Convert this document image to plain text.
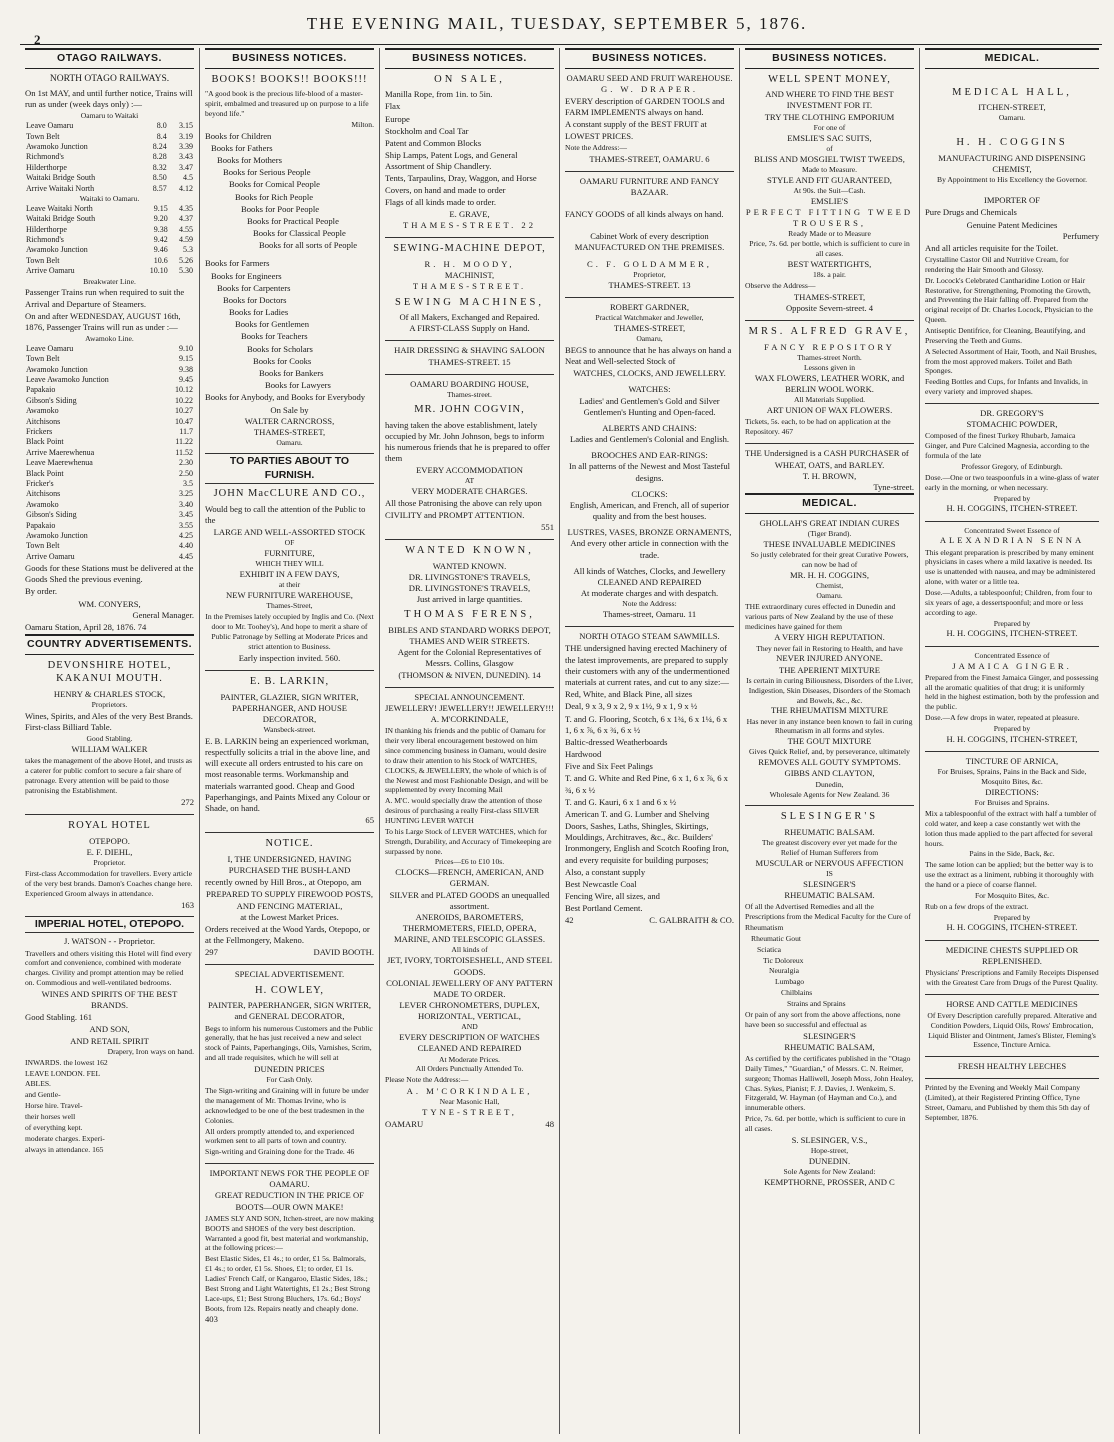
2
THE EVENING MAIL, TUESDAY, SEPTEMBER 5, 1876.
OTAGO RAILWAYS.
NORTH OTAGO RAILWAYS.
On 1st MAY, and until further notice, Trains will run as under (week days only) :—
Oamaru to Waitaki
Leave Oamaru	8.0	3.15
Town Belt	8.4	3.19
Awamoko Junction	8.24	3.39
Richmond's	8.28	3.43
Hilderthorpe	8.32	3.47
Waitaki Bridge South	8.50	4.5
Arrive Waitaki North	8.57	4.12
Waitaki to Oamaru.
Leave Waitaki North	9.15	4.35
Waitaki Bridge South	9.20	4.37
Hilderthorpe	9.38	4.55
Richmond's	9.42	4.59
Awamoko Junction	9.46	5.3
Town Belt	10.6	5.26
Arrive Oamaru	10.10	5.30
Breakwater Line.
Passenger Trains run when required to suit the Arrival and Departure of Steamers.
On and after WEDNESDAY, AUGUST 16th, 1876, Passenger Trains will run as under :—
Awamoko Line.
Leave Oamaru	9.10
Town Belt	9.15
Awamoko Junction	9.38
Leave Awamoko Junction	9.45
Papakaio	10.12
Gibson's Siding	10.22
Awamoko	10.27
Aitchisons	10.47
Frickers	11.7
Black Point	11.22
Arrive Maerewhenua	11.52
Leave Maerewhenua	2.30
Black Point	2.50
Fricker's	3.5
Aitchisons	3.25
Awamoko	3.40
Gibson's Siding	3.45
Papakaio	3.55
Awamoko Junction	4.25
Town Belt	4.40
Arrive Oamaru	4.45
Goods for these Stations must be delivered at the Goods Shed the previous evening.
By order.
WM. CONYERS,
General Manager.
Oamaru Station, April 28, 1876. 74
COUNTRY ADVERTISEMENTS.
DEVONSHIRE HOTEL, KAKANUI MOUTH.
HENRY & CHARLES STOCK,
Proprietors.
Wines, Spirits, and Ales of the very Best Brands. First-class Billiard Table.
Good Stabling.
WILLIAM WALKER
takes the management of the above Hotel, and trusts as a caterer for public comfort to secure a fair share of patronage. Every attention will be paid to those patronising the Establishment.
272
ROYAL HOTEL
OTEPOPO.
E. F. DIEHL,
Proprietor.
First-class Accommodation for travellers. Every article of the very best brands. Damon's Coaches change here. Experienced Groom always in attendance.
163
IMPERIAL HOTEL, OTEPOPO.
J. WATSON - - Proprietor.
Travellers and others visiting this Hotel will find every comfort and convenience, combined with moderate charges. Civility and prompt attention may be relied on. Commodious and well-ventilated bedrooms.
WINES AND SPIRITS OF THE BEST BRANDS.
Good Stabling. 161
AND SON,
AND RETAIL SPIRIT
Drapery, Iron ways on hand.
INWARDS. the lowest 162
LEAVE LONDON. FEL
ABLES.
and Gentle-
Horse hire. Travel-
their horses well
of everything kept.
moderate charges. Experi-
always in attendance. 165
BUSINESS NOTICES.
BOOKS! BOOKS!! BOOKS!!!
"A good book is the precious life-blood of a master-spirit, embalmed and treasured up on purpose to a life beyond life."
Milton.
Books for Children
Books for Fathers
Books for Mothers
Books for Serious People
Books for Comical People
Books for Rich People
Books for Poor People
Books for Practical People
Books for Classical People
Books for all sorts of People
Books for Farmers
Books for Engineers
Books for Carpenters
Books for Doctors
Books for Ladies
Books for Gentlemen
Books for Teachers
Books for Scholars
Books for Cooks
Books for Bankers
Books for Lawyers
Books for Anybody, and Books for Everybody
On Sale by
WALTER CARNCROSS,
THAMES-STREET,
Oamaru.
TO PARTIES ABOUT TO FURNISH.
JOHN MacCLURE AND CO.,
Would beg to call the attention of the Public to the
LARGE AND WELL-ASSORTED STOCK
OF
FURNITURE,
WHICH THEY WILL
EXHIBIT IN A FEW DAYS,
at their
NEW FURNITURE WAREHOUSE,
Thames-Street,
In the Premises lately occupied by Inglis and Co. (Next door to Mr. Toohey's), And hope to merit a share of Public Patronage by Selling at Moderate Prices and strict attention to Business.
Early inspection invited. 560.
E. B. LARKIN,
PAINTER, GLAZIER, SIGN WRITER, PAPERHANGER, AND HOUSE DECORATOR,
Wansbeck-street.
E. B. LARKIN being an experienced workman, respectfully solicits a trial in the above line, and will execute all orders entrusted to his care on most reasonable terms. Workmanship and materials warranted good. Cheap and Good Paperhangings, and Paints Mixed any Colour or Shade, on hand.
65
NOTICE.
I, THE UNDERSIGNED, HAVING PURCHASED THE BUSH-LAND
recently owned by Hill Bros., at Otepopo, am
PREPARED TO SUPPLY FIREWOOD POSTS, AND FENCING MATERIAL,
at the Lowest Market Prices.
Orders received at the Wood Yards, Otepopo, or at the Fellmongery, Makeno.
297	DAVID BOOTH.
SPECIAL ADVERTISEMENT.
H. COWLEY,
PAINTER, PAPERHANGER, SIGN WRITER, and GENERAL DECORATOR,
Begs to inform his numerous Customers and the Public generally, that he has just received a new and select stock of Paints, Paperhangings, Oils, Varnishes, Scrim, and all trade requisites, which he will sell at
DUNEDIN PRICES
For Cash Only.
The Sign-writing and Graining will in future be under the management of Mr. Thomas Irvine, who is acknowledged to be one of the best tradesmen in the Colonies.
All orders promptly attended to, and experienced workmen sent to all parts of town and country.
Sign-writing and Graining done for the Trade. 46
IMPORTANT NEWS FOR THE PEOPLE OF OAMARU.
GREAT REDUCTION IN THE PRICE OF BOOTS—OUR OWN MAKE!
JAMES SLY AND SON, Itchen-street, are now making BOOTS and SHOES of the very best description. Warranted a good fit, best material and workmanship, at the following prices:—
Best Elastic Sides, £1 4s.; to order, £1 5s. Balmorals, £1 4s.; to order, £1 5s. Shoes, £1; to order, £1 1s. Ladies' French Calf, or Kangaroo, Elastic Sides, 18s.; Best Strong and Light Watertights, £1 2s.; Best Strong Lace-ups, £1; Best Strong Bluchers, 17s. 6d.; Boys' Boots, from 12s. Repairs neatly and cheaply done.
403
BUSINESS NOTICES.
ON SALE,
Manilla Rope, from 1in. to 5in.
Flax
Europe
Stockholm and Coal Tar
Patent and Common Blocks
Ship Lamps, Patent Logs, and General Assortment of Ship Chandlery.
Tents, Tarpaulins, Dray, Waggon, and Horse Covers, on hand and made to order
Flags of all kinds made to order.
E. GRAVE,
THAMES-STREET. 22
SEWING-MACHINE DEPOT,
R. H. MOODY,
MACHINIST,
THAMES-STREET.
SEWING MACHINES,
Of all Makers, Exchanged and Repaired.
A FIRST-CLASS Supply on Hand.
HAIR DRESSING & SHAVING SALOON
THAMES-STREET. 15
OAMARU BOARDING HOUSE,
Thames-street.
MR. JOHN COGVIN,
having taken the above establishment, lately occupied by Mr. John Johnson, begs to inform his numerous friends that he is prepared to offer them
EVERY ACCOMMODATION
AT
VERY MODERATE CHARGES.
All those Patronising the above can rely upon CIVILITY and PROMPT ATTENTION.
551
WANTED KNOWN,
WANTED KNOWN.
DR. LIVINGSTONE'S TRAVELS,
DR. LIVINGSTONE'S TRAVELS,
Just arrived in large quantities.
THOMAS FERENS,
BIBLES AND STANDARD WORKS DEPOT,
THAMES AND WEIR STREETS.
Agent for the Colonial Representatives of Messrs. Collins, Glasgow
(THOMSON & NIVEN, DUNEDIN). 14
SPECIAL ANNOUNCEMENT.
JEWELLERY! JEWELLERY!! JEWELLERY!!!
A. M'CORKINDALE,
IN thanking his friends and the public of Oamaru for their very liberal encouragement bestowed on him since commencing business in Oamaru, would desire to draw their attention to his Stock of WATCHES, CLOCKS, & JEWELLERY, the whole of which is of the Newest and most Fashionable Design, and will be supplemented by every Incoming Mail
A. M'C. would specially draw the attention of those desirous of purchasing a really First-class SILVER HUNTING LEVER WATCH
To his Large Stock of LEVER WATCHES, which for Strength, Durability, and Accuracy of Timekeeping are surpassed by none.
Prices—£6 to £10 10s.
CLOCKS—FRENCH, AMERICAN, AND GERMAN.
SILVER and PLATED GOODS an unequalled assortment.
ANEROIDS, BAROMETERS, THERMOMETERS, FIELD, OPERA, MARINE, AND TELESCOPIC GLASSES.
All kinds of
JET, IVORY, TORTOISESHELL, AND STEEL GOODS.
COLONIAL JEWELLERY OF ANY PATTERN MADE TO ORDER.
LEVER CHRONOMETERS, DUPLEX, HORIZONTAL, VERTICAL,
AND
EVERY DESCRIPTION OF WATCHES CLEANED AND REPAIRED
At Moderate Prices.
All Orders Punctually Attended To.
Please Note the Address:—
A. M'CORKINDALE,
Near Masonic Hall,
TYNE-STREET,
OAMARU	48
BUSINESS NOTICES.
OAMARU SEED AND FRUIT WAREHOUSE.
G. W. DRAPER.
EVERY description of GARDEN TOOLS and FARM IMPLEMENTS always on hand.
A constant supply of the BEST FRUIT at LOWEST PRICES.
Note the Address:—
THAMES-STREET, OAMARU. 6
OAMARU FURNITURE AND FANCY BAZAAR.
FANCY GOODS of all kinds always on hand.
Cabinet Work of every description
MANUFACTURED ON THE PREMISES.
C. F. GOLDAMMER,
Proprietor,
THAMES-STREET. 13
ROBERT GARDNER,
Practical Watchmaker and Jeweller,
THAMES-STREET,
Oamaru,
BEGS to announce that he has always on hand a Neat and Well-selected Stock of
WATCHES, CLOCKS, AND JEWELLERY.
WATCHES:
Ladies' and Gentlemen's Gold and Silver Gentlemen's Hunting and Open-faced.
ALBERTS AND CHAINS:
Ladies and Gentlemen's Colonial and English.
BROOCHES AND EAR-RINGS:
In all patterns of the Newest and Most Tasteful designs.
CLOCKS:
English, American, and French, all of superior quality and from the best houses.
LUSTRES, VASES, BRONZE ORNAMENTS,
And every other article in connection with the trade.
All kinds of Watches, Clocks, and Jewellery CLEANED AND REPAIRED
At moderate charges and with despatch.
Note the Address:
Thames-street, Oamaru. 11
NORTH OTAGO STEAM SAWMILLS.
THE undersigned having erected Machinery of the latest improvements, are prepared to supply their customers with any of the undermentioned materials at current rates, and cut to any size:—
Red, White, and Black Pine, all sizes
Deal, 9 x 3, 9 x 2, 9 x 1½, 9 x 1, 9 x ½
T. and G. Flooring, Scotch, 6 x 1¾, 6 x 1¼, 6 x 1, 6 x ⅞, 6 x ¾, 6 x ½
Baltic-dressed Weatherboards
Hardwood
Five and Six Feet Palings
T. and G. White and Red Pine, 6 x 1, 6 x ⅞, 6 x ¾, 6 x ½
T. and G. Kauri, 6 x 1 and 6 x ½
American T. and G. Lumber and Shelving
Doors, Sashes, Laths, Shingles, Skirtings, Mouldings, Architraves, &c., &c. Builders' Ironmongery, English and Scotch Roofing Iron, and every requisite for building purposes;
Also, a constant supply
Best Newcastle Coal
Fencing Wire, all sizes, and
Best Portland Cement.
42	C. GALBRAITH & CO.
BUSINESS NOTICES.
WELL SPENT MONEY,
AND WHERE TO FIND THE BEST INVESTMENT FOR IT.
TRY THE CLOTHING EMPORIUM
For one of
EMSLIE'S SAC SUITS,
of
BLISS AND MOSGIEL TWIST TWEEDS,
Made to Measure.
STYLE AND FIT GUARANTEED,
At 90s. the Suit—Cash.
EMSLIE'S
PERFECT FITTING TWEED TROUSERS,
Ready Made or to Measure
Price, 7s. 6d. per bottle, which is sufficient to cure in all cases.
BEST WATERTIGHTS,
18s. a pair.
Observe the Address—
THAMES-STREET,
Opposite Severn-street. 4
MRS. ALFRED GRAVE,
FANCY REPOSITORY
Thames-street North.
Lessons given in
WAX FLOWERS, LEATHER WORK, and BERLIN WOOL WORK.
All Materials Supplied.
ART UNION OF WAX FLOWERS.
Tickets, 5s. each, to be had on application at the Repository. 467
THE Undersigned is a CASH PURCHASER of
WHEAT, OATS, and BARLEY.
T. H. BROWN,
Tyne-street.
MEDICAL.
GHOLLAH'S GREAT INDIAN CURES
(Tiger Brand).
THESE INVALUABLE MEDICINES
So justly celebrated for their great Curative Powers, can now be had of
MR. H. H. COGGINS,
Chemist,
Oamaru.
THE extraordinary cures effected in Dunedin and various parts of New Zealand by the use of these medicines have gained for them
A VERY HIGH REPUTATION.
They never fail in Restoring to Health, and have
NEVER INJURED ANYONE.
THE APERIENT MIXTURE
Is certain in curing Biliousness, Disorders of the Liver, Indigestion, Skin Diseases, Disorders of the Stomach and Bowels, &c., &c.
THE RHEUMATISM MIXTURE
Has never in any instance been known to fail in curing Rheumatism in all forms and styles.
THE GOUT MIXTURE
Gives Quick Relief, and, by perseverance, ultimately
REMOVES ALL GOUTY SYMPTOMS.
GIBBS AND CLAYTON,
Dunedin,
Wholesale Agents for New Zealand. 36
SLESINGER'S
RHEUMATIC BALSAM.
The greatest discovery ever yet made for the
Relief of Human Sufferers from
MUSCULAR or NERVOUS AFFECTION
IS
SLESINGER'S
RHEUMATIC BALSAM.
Of all the Advertised Remedies and all the Prescriptions from the Medical Faculty for the Cure of
Rheumatism
Rheumatic Gout
Sciatica
Tic Doloreux
Neuralgia
Lumbago
Chilblains
Strains and Sprains
Or pain of any sort from the above affections, none have been so successful and effectual as
SLESINGER'S
RHEUMATIC BALSAM,
As certified by the certificates published in the "Otago Daily Times," "Guardian," of Messrs. C. N. Reimer, surgeon; Thomas Halliwell, Joseph Moss, John Healey, Chas. Sykes, Pianist; F. J. Davies, J. Wenkeim, S. Fitzgerald, W. Hayman (of Hayman and Co.), and innumerable others.
Price, 7s. 6d. per bottle, which is sufficient to cure in all cases.
S. SLESINGER, V.S.,
Hope-street,
DUNEDIN.
Sole Agents for New Zealand:
KEMPTHORNE, PROSSER, AND C
MEDICAL.
MEDICAL HALL,
ITCHEN-STREET,
Oamaru.
H. H. COGGINS
MANUFACTURING AND DISPENSING CHEMIST,
By Appointment to His Excellency the Governor.
IMPORTER OF
Pure Drugs and Chemicals
Genuine Patent Medicines
Perfumery
And all articles requisite for the Toilet.
Crystalline Castor Oil and Nutritive Cream, for rendering the Hair Smooth and Glossy.
Dr. Locock's Celebrated Cantharidine Lotion or Hair Restorative, for Strengthening, Promoting the Growth, and Preventing the Hair falling off. Prepared from the original receipt of Dr. Charles Locock, Physician to the Queen.
Antiseptic Dentifrice, for Cleaning, Beautifying, and Preserving the Teeth and Gums.
A Selected Assortment of Hair, Tooth, and Nail Brushes, from the most approved makers. Toilet and Bath Sponges.
Feeding Bottles and Cups, for Infants and Invalids, in every variety and improved shapes.
DR. GREGORY'S
STOMACHIC POWDER,
Composed of the finest Turkey Rhubarb, Jamaica Ginger, and Pure Calcined Magnesia, according to the formula of the late
Professor Gregory, of Edinburgh.
Dose.—One or two teaspoonfuls in a wine-glass of water early in the morning, or when necessary.
Prepared by
H. H. COGGINS, ITCHEN-STREET.
Concentrated Sweet Essence of
ALEXANDRIAN SENNA
This elegant preparation is prescribed by many eminent physicians in cases where a mild laxative is needed. Its use is unattended with nausea, and may be administered alone, with water or a little tea.
Dose.—Adults, a tablespoonful; Children, from four to six years of age, a dessertspoonful; and more or less according to age.
Prepared by
H. H. COGGINS, ITCHEN-STREET.
Concentrated Essence of
JAMAICA GINGER.
Prepared from the Finest Jamaica Ginger, and possessing all the aromatic qualities of that drug; it is uniformly held in the highest estimation, both by the profession and the public.
Dose.—A few drops in water, repeated at pleasure.
Prepared by
H. H. COGGINS, ITCHEN-STREET,
TINCTURE OF ARNICA,
For Bruises, Sprains, Pains in the Back and Side, Mosquito Bites, &c.
DIRECTIONS:
For Bruises and Sprains.
Mix a tablespoonful of the extract with half a tumbler of cold water, and keep a case constantly wet with the lotion thus made applied to the part affected for several hours.
Pains in the Side, Back, &c.
The same lotion can be applied; but the better way is to use the extract as a liniment, rubbing it thoroughly with the hand or a piece of coarse flannel.
For Mosquito Bites, &c.
Rub on a few drops of the extract.
Prepared by
H. H. COGGINS, ITCHEN-STREET.
MEDICINE CHESTS SUPPLIED OR REPLENISHED.
Physicians' Prescriptions and Family Receipts Dispensed with the Greatest Care from Drugs of the Purest Quality.
HORSE AND CATTLE MEDICINES
Of Every Description carefully prepared. Alterative and Condition Powders, Liquid Oils, Rows' Embrocation, Liquid Blister and Ointment, James's Blister, Fleming's Essence, Tincture Arnica.
FRESH HEALTHY LEECHES
Printed by the Evening and Weekly Mail Company (Limited), at their Registered Printing Office, Tyne Street, Oamaru, and Published by them this 5th day of September, 1876.
